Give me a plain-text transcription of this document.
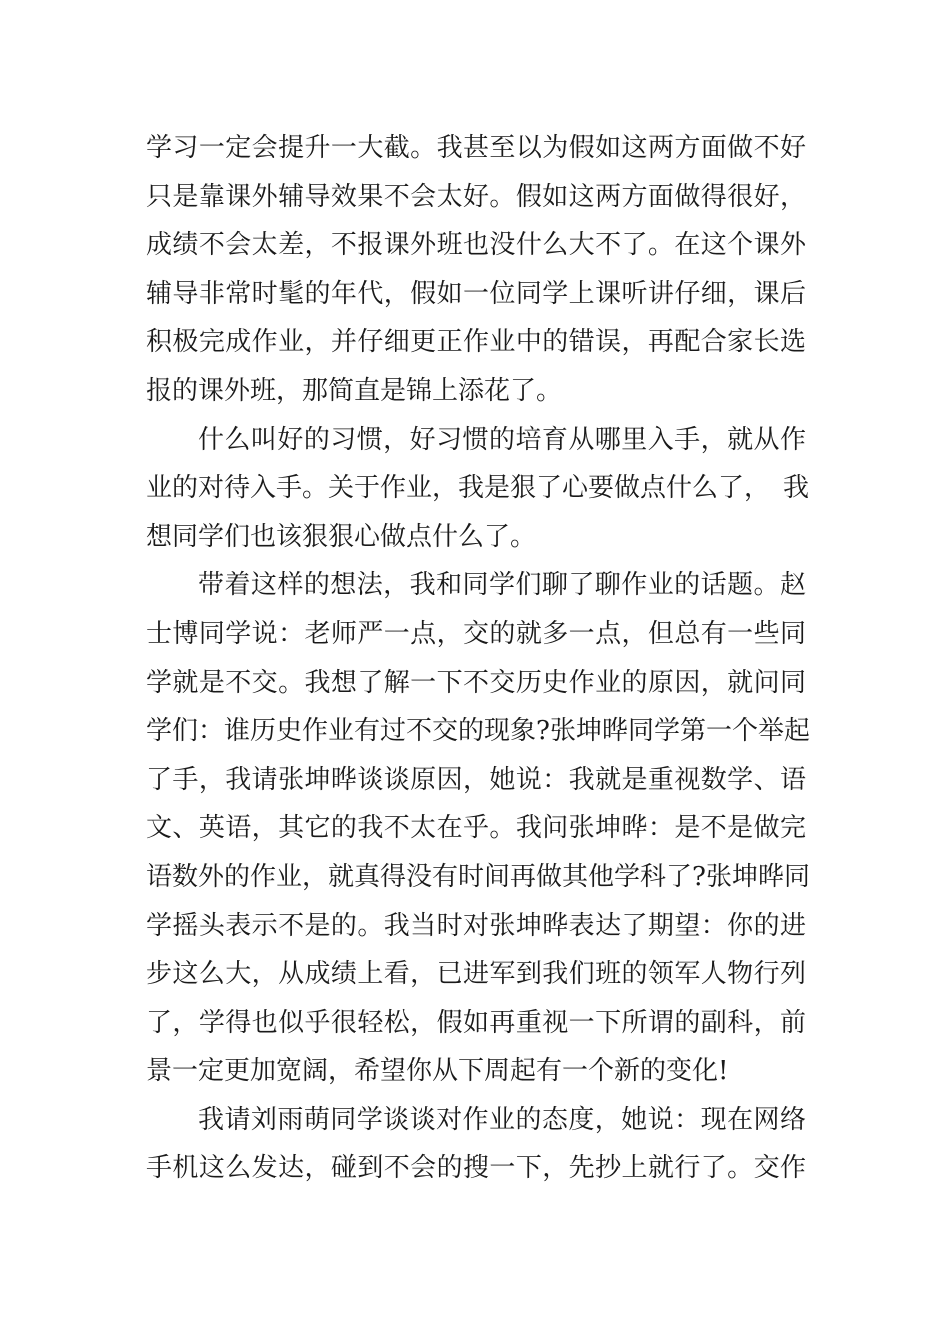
学习一定会提升一大截。我甚至以为假如这两方面做不好
只是靠课外辅导效果不会太好。假如这两方面做得很好，
成绩不会太差，不报课外班也没什么大不了。在这个课外
辅导非常时髦的年代，假如一位同学上课听讲仔细，课后
积极完成作业，并仔细更正作业中的错误，再配合家长选
报的课外班，那简直是锦上添花了。
什么叫好的习惯，好习惯的培育从哪里入手，就从作
业的对待入手。关于作业，我是狠了心要做点什么了，　我
想同学们也该狠狠心做点什么了。
带着这样的想法，我和同学们聊了聊作业的话题。赵
士博同学说：老师严一点，交的就多一点，但总有一些同
学就是不交。我想了解一下不交历史作业的原因，就问同
学们：谁历史作业有过不交的现象?张坤晔同学第一个举起
了手，我请张坤晔谈谈原因，她说：我就是重视数学、语
文、英语，其它的我不太在乎。我问张坤晔：是不是做完
语数外的作业，就真得没有时间再做其他学科了?张坤晔同
学摇头表示不是的。我当时对张坤晔表达了期望：你的进
步这么大，从成绩上看，已进军到我们班的领军人物行列
了，学得也似乎很轻松，假如再重视一下所谓的副科，前
景一定更加宽阔，希望你从下周起有一个新的变化!
我请刘雨萌同学谈谈对作业的态度，她说：现在网络
手机这么发达，碰到不会的搜一下，先抄上就行了。交作
